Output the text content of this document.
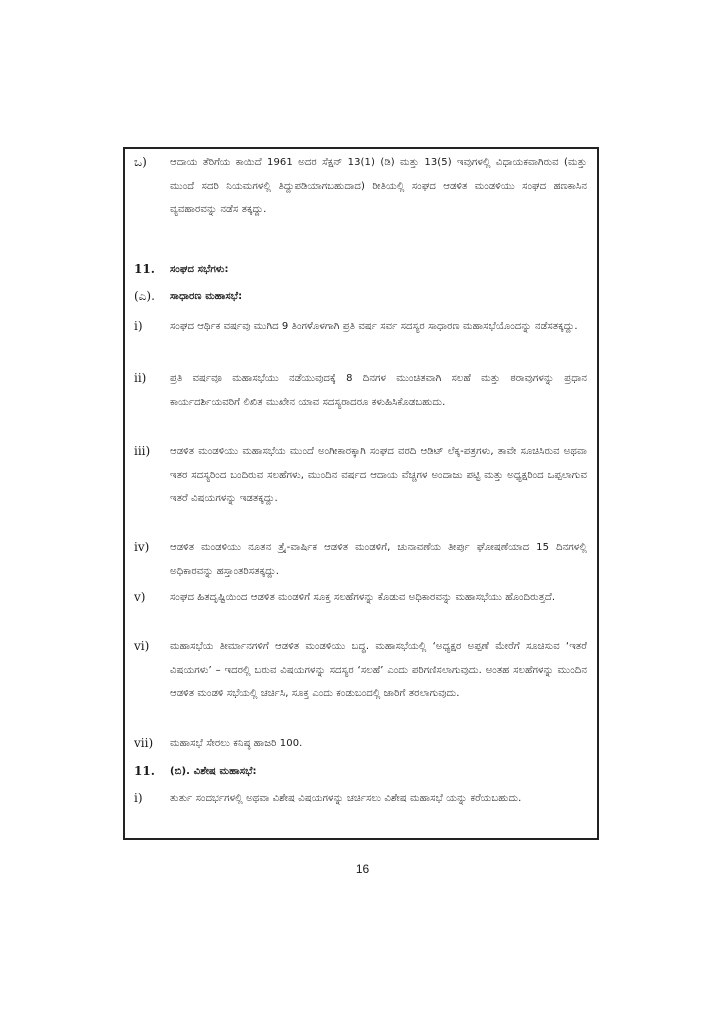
ಒ) ಆದಾಯ ತೆರಿಗೆಯ ಕಾಯಿದೆ 1961 ಅದರ ಸೆಕ್ಷನ್ 13(1) (ಡಿ) ಮತ್ತು 13(5) ಇವುಗಳಲ್ಲಿ ವಿಧಾಯಕವಾಗಿರುವ (ಮತ್ತು ಮುಂದೆ ಸದರಿ ನಿಯಮಗಳಲ್ಲಿ ತಿದ್ದುಪಡಿಯಾಗಬಹುದಾದ) ರೀತಿಯಲ್ಲಿ ಸಂಘದ ಆಡಳಿತ ಮಂಡಳಿಯು ಸಂಘದ ಹಣಕಾಸಿನ ವ್ಯವಹಾರವನ್ನು ನಡೆಸ ತಕ್ಕದ್ದು.
11. ಸಂಘದ ಸಭೆಗಳು:
(ಎ). ಸಾಧಾರಣ ಮಹಾಸಭೆ:
i)	ಸಂಘದ ಆರ್ಥಿಕ ವರ್ಷವು ಮುಗಿದ 9 ತಿಂಗಳೊಳಗಾಗಿ ಪ್ರತಿ ವರ್ಷ ಸರ್ವ ಸದಸ್ಯರ ಸಾಧಾರಣ ಮಹಾಸಭೆಯೊಂದನ್ನು ನಡೆಸತಕ್ಕದ್ದು.
ii) ಪ್ರತಿ ವರ್ಷವೂ ಮಹಾಸಭೆಯು ನಡೆಯುವುದಕ್ಕೆ 8 ದಿನಗಳ ಮುಂಚಿತವಾಗಿ ಸಲಹೆ ಮತ್ತು ಠರಾವುಗಳನ್ನು ಪ್ರಧಾನ ಕಾರ್ಯದರ್ಶಿಯವರಿಗೆ ಲಿಖಿತ ಮುಖೇನ ಯಾವ ಸದಸ್ಯರಾದರೂ ಕಳುಹಿಸಿಕೊಡಬಹುದು.
iii) ಆಡಳಿತ ಮಂಡಳಿಯು ಮಹಾಸಭೆಯ ಮುಂದೆ ಅಂಗೀಕಾರಕ್ಕಾಗಿ ಸಂಘದ ವರದಿ ಆಡಿಟ್ ಲೆಕ್ಕ-ಪತ್ರಗಳು, ತಾವೇ ಸೂಚಿಸಿರುವ ಅಥವಾ ಇತರ ಸದಸ್ಯರಿಂದ ಬಂದಿರುವ ಸಲಹೆಗಳು, ಮುಂದಿನ ವರ್ಷದ ಆದಾಯ ವೆಚ್ಚಗಳ ಅಂದಾಜು ಪಟ್ಟಿ ಮತ್ತು ಅಧ್ಯಕ್ಷರಿಂದ ಒಪ್ಪಲಾಗುವ ಇತರೆ ವಿಷಯಗಳನ್ನು ಇಡತಕ್ಕದ್ದು.
iv) ಆಡಳಿತ ಮಂಡಳಿಯು ನೂತನ ತ್ರೈ-ವಾರ್ಷಿಕ ಆಡಳಿತ ಮಂಡಳಿಗೆ, ಚುನಾವಣೆಯ ತೀರ್ಪು ಘೋಷಣೆಯಾದ 15 ದಿನಗಳಲ್ಲಿ ಅಧಿಕಾರವನ್ನು ಹಸ್ತಾಂತರಿಸತಕ್ಕದ್ದು.
v) ಸಂಘದ ಹಿತದೃಷ್ಟಿಯಿಂದ ಆಡಳಿತ ಮಂಡಳಿಗೆ ಸೂಕ್ತ ಸಲಹೆಗಳನ್ನು ಕೊಡುವ ಅಧಿಕಾರವನ್ನು ಮಹಾಸಭೆಯು ಹೊಂದಿರುತ್ತದೆ.
vi) ಮಹಾಸಭೆಯ ತೀರ್ಮಾನಗಳಿಗೆ ಆಡಳಿತ ಮಂಡಳಿಯು ಬದ್ಧ. ಮಹಾಸಭೆಯಲ್ಲಿ ‘ಅಧ್ಯಕ್ಷರ ಅಪ್ಪಣೆ ಮೇರೆಗೆ ಸೂಚಿಸುವ ‘ಇತರೆ ವಿಷಯಗಳು’ – ಇದರಲ್ಲಿ ಬರುವ ವಿಷಯಗಳನ್ನು ಸದಸ್ಯರ ‘ಸಲಹೆ’ ಎಂದು ಪರಿಗಣಿಸಲಾಗುವುದು. ಅಂತಹ ಸಲಹೆಗಳನ್ನು ಮುಂದಿನ ಆಡಳಿತ ಮಂಡಳಿ ಸಭೆಯಲ್ಲಿ ಚರ್ಚಿಸಿ, ಸೂಕ್ತ ಎಂದು ಕಂಡುಬಂದಲ್ಲಿ ಜಾರಿಗೆ ತರಲಾಗುವುದು.
vii) ಮಹಾಸಭೆ ಸೇರಲು ಕನಿಷ್ಠ ಹಾಜರಿ 100.
11. (ಬಿ). ವಿಶೇಷ ಮಹಾಸಭೆ:
i)	ತುರ್ತು ಸಂದರ್ಭಗಳಲ್ಲಿ ಅಥವಾ ವಿಶೇಷ ವಿಷಯಗಳನ್ನು ಚರ್ಚಿಸಲು ವಿಶೇಷ ಮಹಾಸಭೆ ಯನ್ನು ಕರೆಯಬಹುದು.
16
